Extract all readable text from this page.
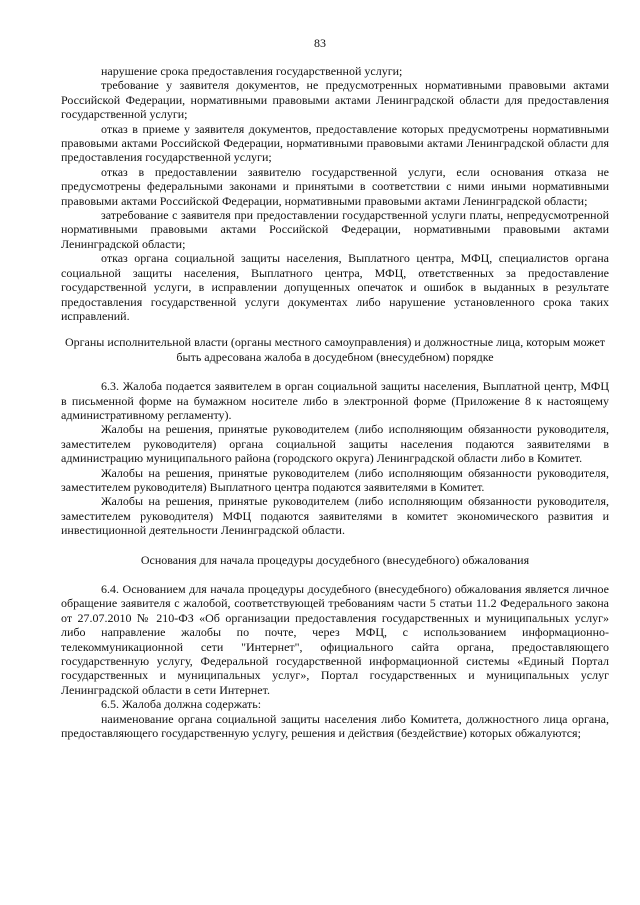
83

нарушение срока предоставления государственной услуги;

требование у заявителя документов, не предусмотренных нормативными правовыми актами Российской Федерации, нормативными правовыми актами Ленинградской области для предоставления государственной услуги;

отказ в приеме у заявителя документов, предоставление которых предусмотрены нормативными правовыми актами Российской Федерации, нормативными правовыми актами Ленинградской области для предоставления государственной услуги;

отказ в предоставлении заявителю государственной услуги, если основания отказа не предусмотрены федеральными законами и принятыми в соответствии с ними иными нормативными правовыми актами Российской Федерации, нормативными правовыми актами Ленинградской области;

затребование с заявителя при предоставлении государственной услуги платы, непредусмотренной нормативными правовыми актами Российской Федерации, нормативными правовыми актами Ленинградской области;

отказ органа социальной защиты населения, Выплатного центра, МФЦ, специалистов органа социальной защиты населения, Выплатного центра, МФЦ, ответственных за предоставление государственной услуги, в исправлении допущенных опечаток и ошибок в выданных в результате предоставления государственной услуги документах либо нарушение установленного срока таких исправлений.

Органы исполнительной власти (органы местного самоуправления) и должностные лица, которым может быть адресована жалоба в досудебном (внесудебном) порядке

6.3. Жалоба подается заявителем в орган социальной защиты населения, Выплатной центр, МФЦ в письменной форме на бумажном носителе либо в электронной форме (Приложение 8 к настоящему административному регламенту).

Жалобы на решения, принятые руководителем (либо исполняющим обязанности руководителя, заместителем руководителя) органа социальной защиты населения подаются заявителями в администрацию муниципального района (городского округа) Ленинградской области либо в Комитет.

Жалобы на решения, принятые руководителем (либо исполняющим обязанности руководителя, заместителем руководителя) Выплатного центра подаются заявителями в Комитет.

Жалобы на решения, принятые руководителем (либо исполняющим обязанности руководителя, заместителем руководителя) МФЦ подаются заявителями в комитет экономического развития и инвестиционной деятельности Ленинградской области.

Основания для начала процедуры досудебного (внесудебного) обжалования

6.4. Основанием для начала процедуры досудебного (внесудебного) обжалования является личное обращение заявителя с жалобой, соответствующей требованиям части 5 статьи 11.2 Федерального закона от 27.07.2010 № 210-ФЗ «Об организации предоставления государственных и муниципальных услуг» либо направление жалобы по почте, через МФЦ, с использованием информационно-телекоммуникационной сети "Интернет", официального сайта органа, предоставляющего государственную услугу, Федеральной государственной информационной системы «Единый Портал государственных и муниципальных услуг», Портал государственных и муниципальных услуг Ленинградской области в сети Интернет.

6.5. Жалоба должна содержать:

наименование органа социальной защиты населения либо Комитета, должностного лица органа, предоставляющего государственную услугу, решения и действия (бездействие) которых обжалуются;
